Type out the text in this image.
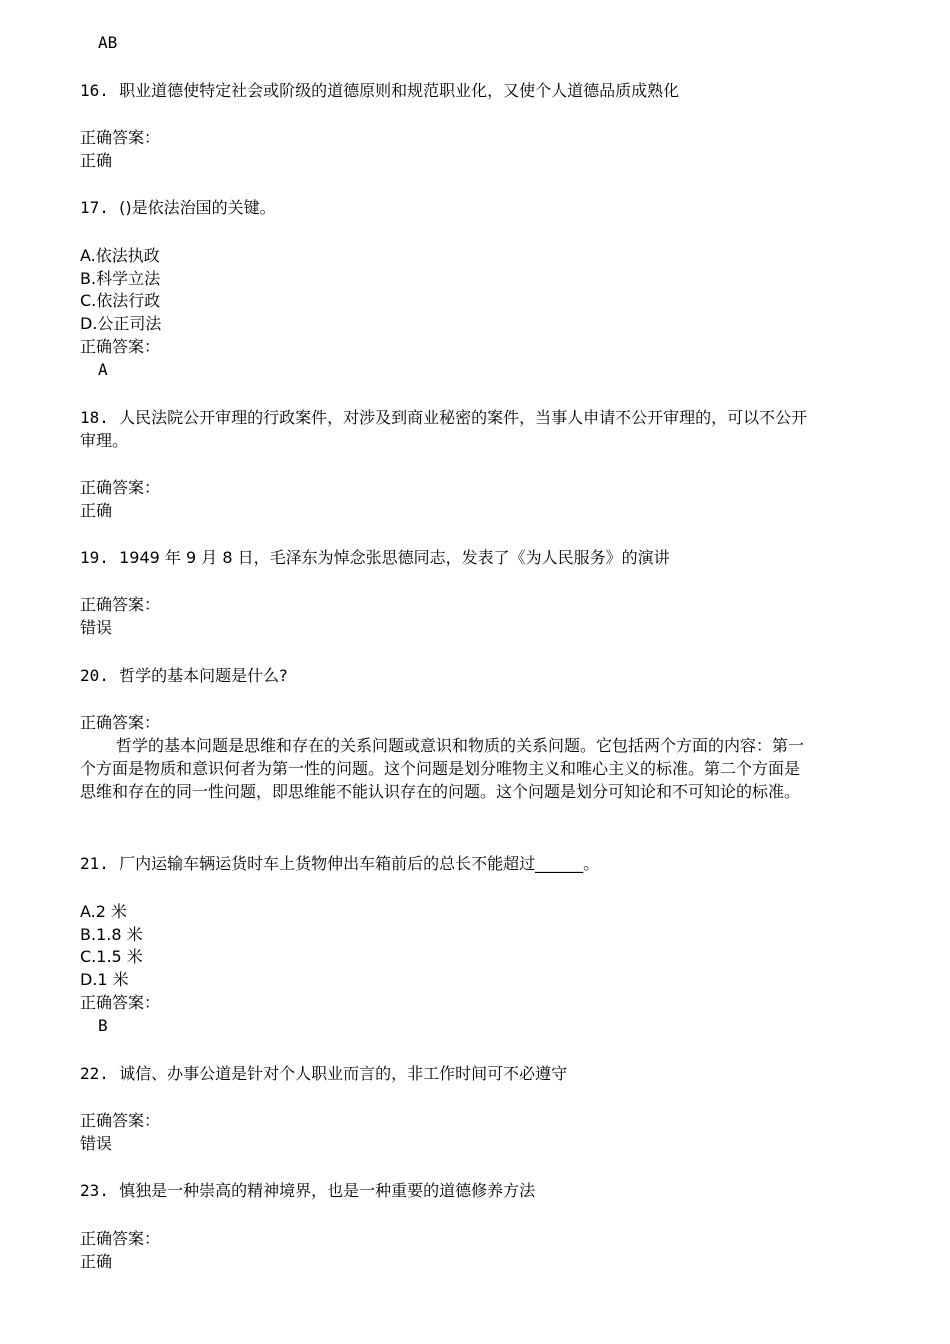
AB
16. 职业道德使特定社会或阶级的道德原则和规范职业化，又使个人道德品质成熟化
正确答案：
正确
17. ()是依法治国的关键。
A.依法执政
B.科学立法
C.依法行政
D.公正司法
正确答案：
A
18. 人民法院公开审理的行政案件，对涉及到商业秘密的案件，当事人申请不公开审理的，可以不公开
审理。
正确答案：
正确
19. 1949 年 9 月 8 日，毛泽东为悼念张思德同志，发表了《为人民服务》的演讲
正确答案：
错误
20. 哲学的基本问题是什么?
正确答案：
哲学的基本问题是思维和存在的关系问题或意识和物质的关系问题。它包括两个方面的内容：第一
个方面是物质和意识何者为第一性的问题。这个问题是划分唯物主义和唯心主义的标准。第二个方面是
思维和存在的同一性问题，即思维能不能认识存在的问题。这个问题是划分可知论和不可知论的标准。
21. 厂内运输车辆运货时车上货物伸出车箱前后的总长不能超过______。
A.2 米
B.1.8 米
C.1.5 米
D.1 米
正确答案：
B
22. 诚信、办事公道是针对个人职业而言的，非工作时间可不必遵守
正确答案：
错误
23. 慎独是一种崇高的精神境界，也是一种重要的道德修养方法
正确答案：
正确
